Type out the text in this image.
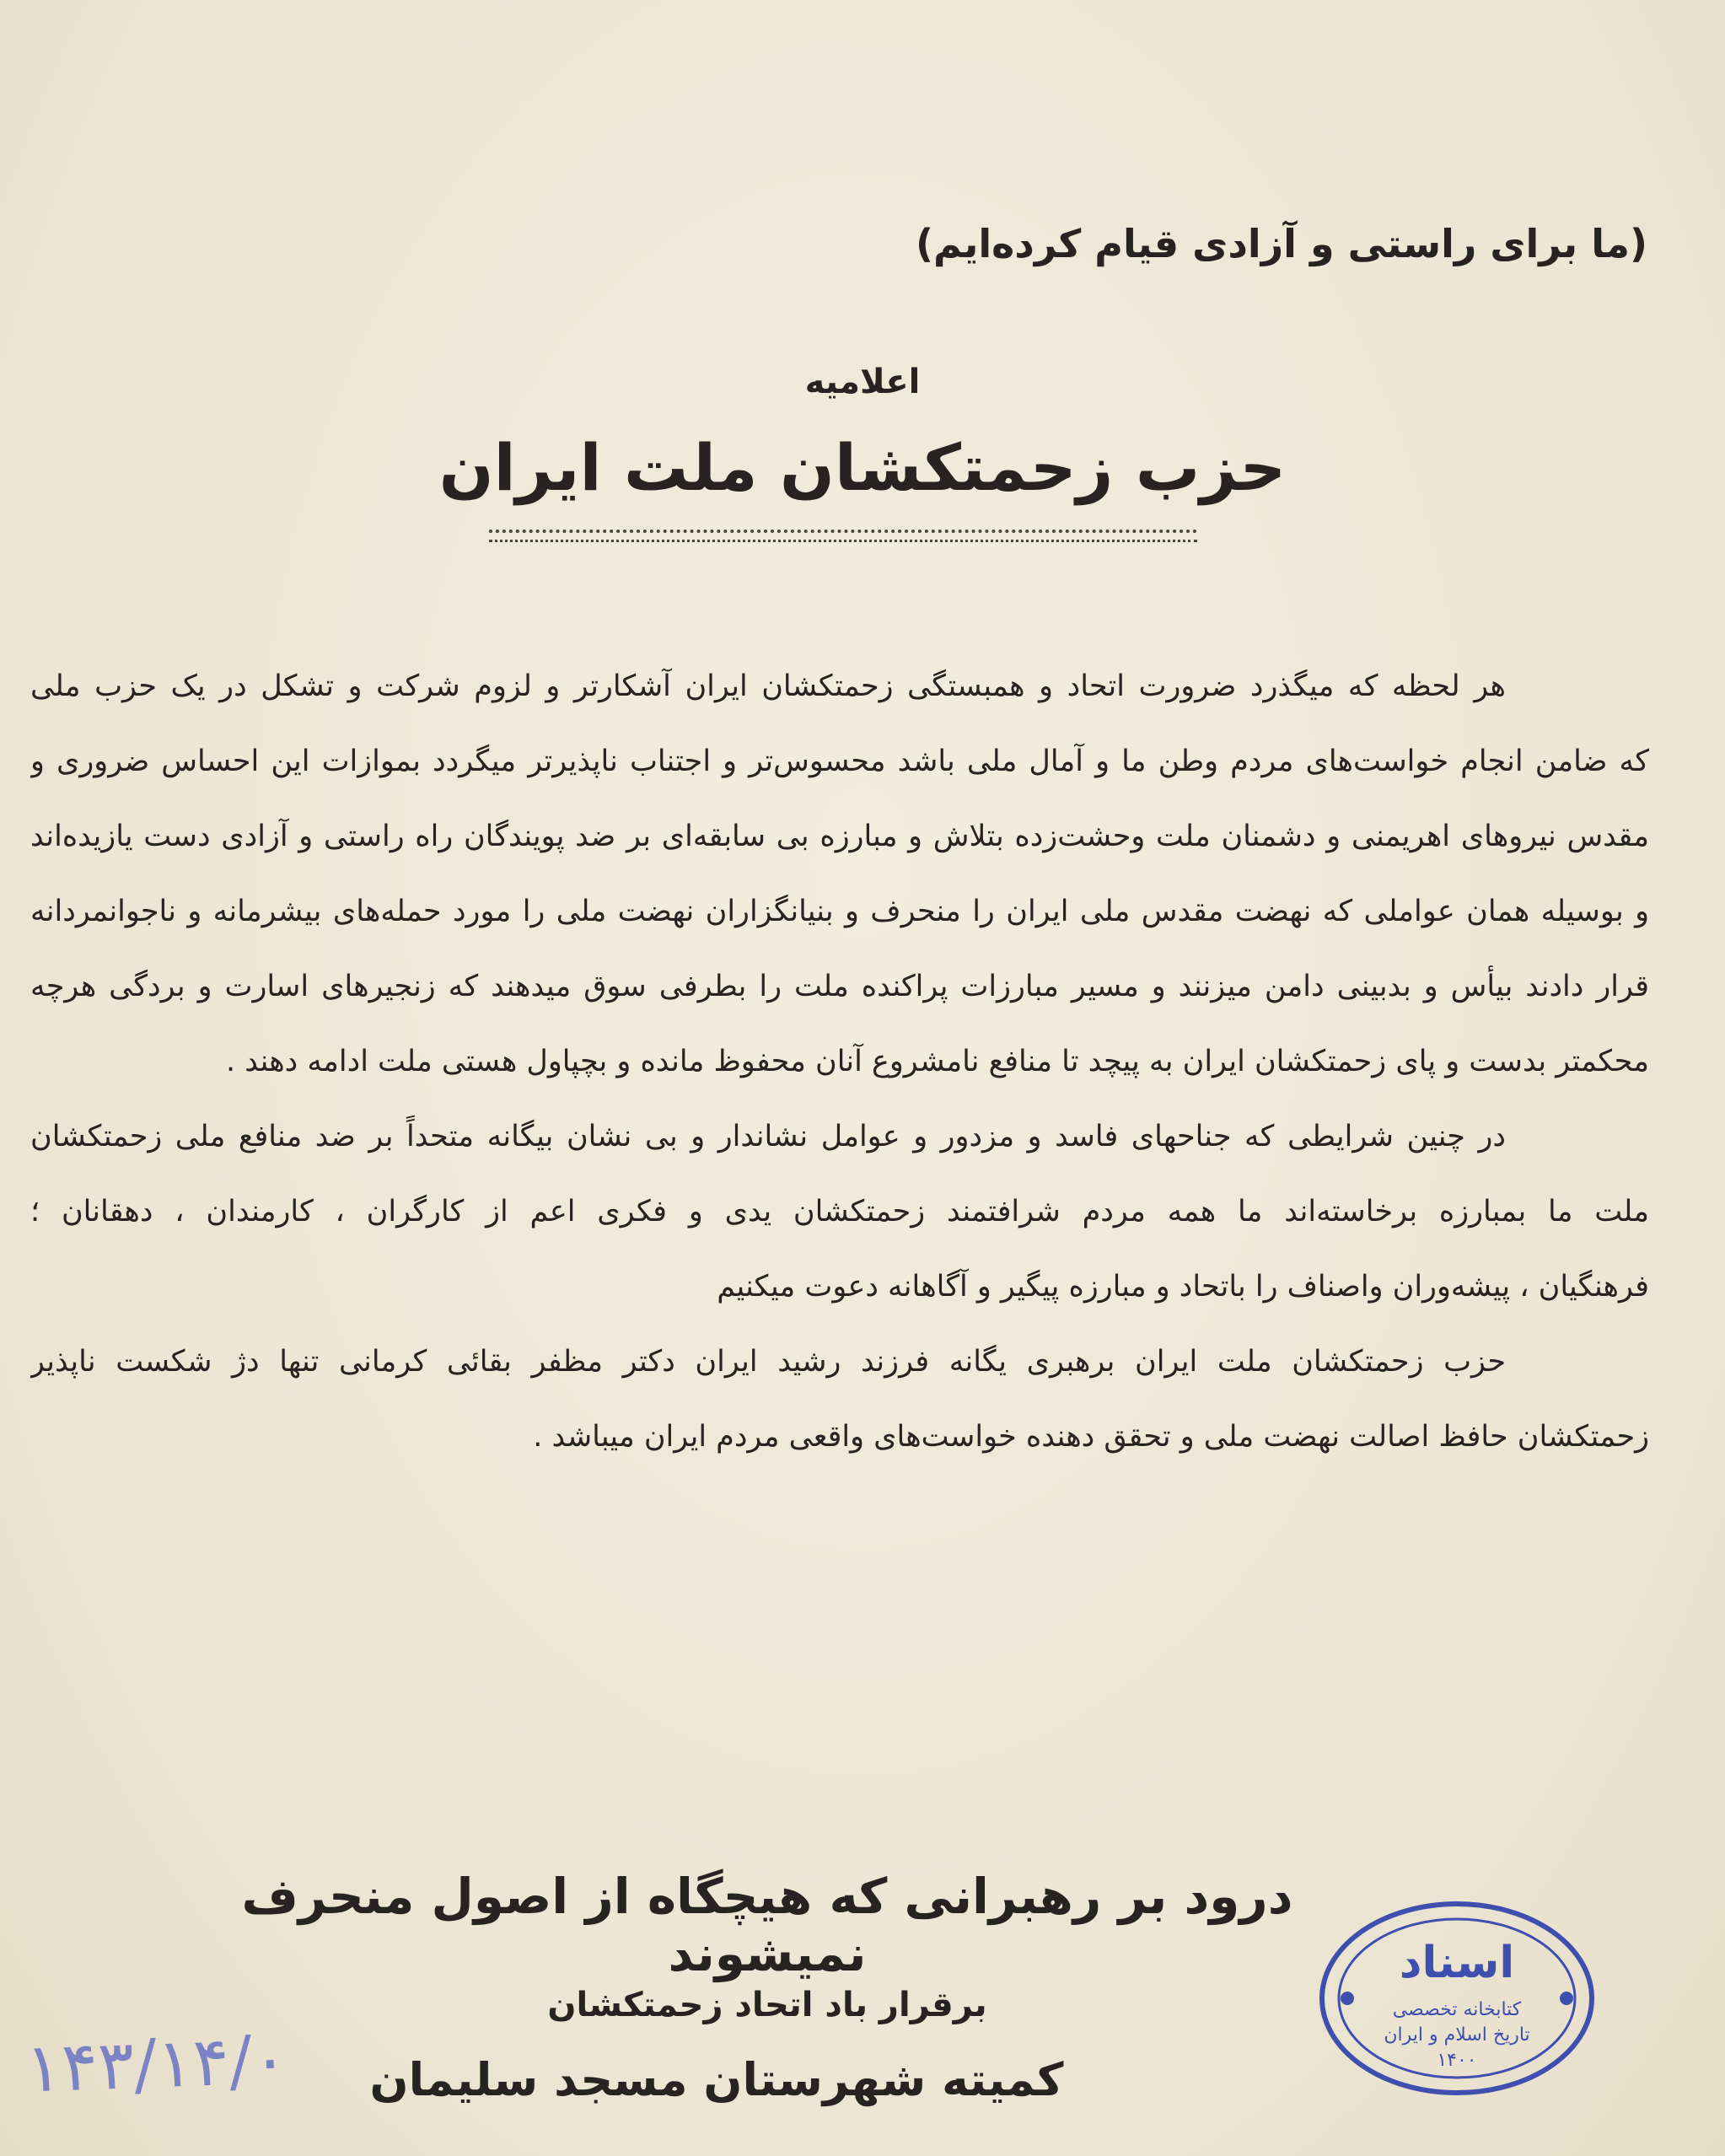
(ما برای راستی و آزادی قیام کرده‌ایم)
اعلامیه
حزب زحمتکشان ملت ایران
هر لحظه که میگذرد ضرورت اتحاد و همبستگی زحمتکشان ایران آشکارتر و لزوم شرکت و تشکل در یک حزب ملی
که ضامن انجام خواست‌های مردم وطن ما و آمال ملی باشد محسوس‌تر و اجتناب ناپذیرتر میگردد بموازات این احساس ضروری و
مقدس نیروهای اهریمنی و دشمنان ملت وحشت‌زده بتلاش و مبارزه بی سابقه‌ای بر ضد پویندگان راه راستی و آزادی دست یازیده‌اند
و بوسیله همان عواملی که نهضت مقدس ملی ایران را منحرف و بنیانگزاران نهضت ملی را مورد حمله‌های بیشرمانه و ناجوانمردانه
قرار دادند بیأس و بدبینی دامن میزنند و مسیر مبارزات پراکنده ملت را بطرفی سوق میدهند که زنجیرهای اسارت و بردگی هرچه
محکمتر بدست و پای زحمتکشان ایران به پیچد تا منافع نامشروع آنان محفوظ مانده و بچپاول هستی ملت ادامه دهند .
در چنین شرایطی که جناحهای فاسد و مزدور و عوامل نشاندار و بی نشان بیگانه متحداً بر ضد منافع ملی زحمتکشان
ملت ما بمبارزه برخاسته‌اند ما همه مردم شرافتمند زحمتکشان یدی و فکری اعم از کارگران ، کارمندان ، دهقانان ؛
فرهنگیان ، پیشه‌وران واصناف را باتحاد و مبارزه پیگیر و آگاهانه دعوت میکنیم
حزب زحمتکشان ملت ایران برهبری یگانه فرزند رشید ایران دکتر مظفر بقائی کرمانی تنها دژ شکست ناپذیر
زحمتکشان حافظ اصالت نهضت ملی و تحقق دهنده خواست‌های واقعی مردم ایران میباشد .
درود بر رهبرانی که هیچگاه از اصول منحرف نمیشوند
۱۴۳/۱۴/۰
اسناد
کتابخانه تخصصی
تاریخ اسلام و ایران
۱۴۰۰
برقرار باد اتحاد زحمتکشان
کمیته شهرستان مسجد سلیمان
